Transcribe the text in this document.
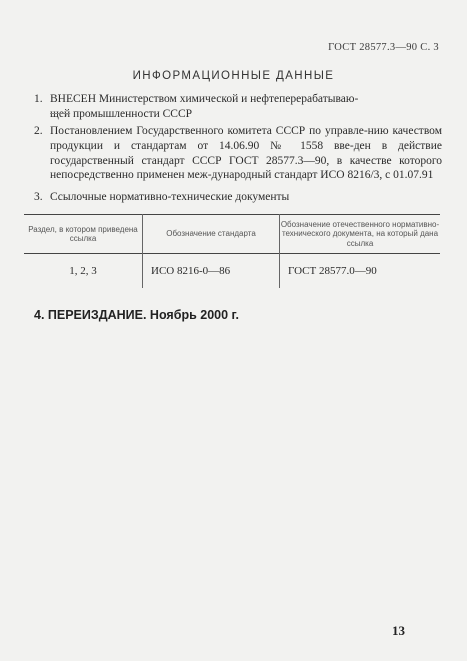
ГОСТ 28577.3—90 С. 3
ИНФОРМАЦИОННЫЕ ДАННЫЕ
1. ВНЕСЕН Министерством химической и нефтеперерабатываю-
щей промышленности СССР
2. Постановлением Государственного комитета СССР по управле-нию качеством продукции и стандартам от 14.06.90 № 1558 вве-ден в действие государственный стандарт СССР ГОСТ 28577.3—90, в качестве которого непосредственно применен меж-дународный стандарт ИСО 8216/3, с 01.07.91
3. Ссылочные нормативно-технические документы
Раздел, в котором приведена ссылка	Обозначение стандарта	Обозначение отечественного нормативно-технического документа, на который дана ссылка
1, 2, 3	ИСО 8216-0—86	ГОСТ 28577.0—90
4. ПЕРЕИЗДАНИЕ. Ноябрь 2000 г.
13
